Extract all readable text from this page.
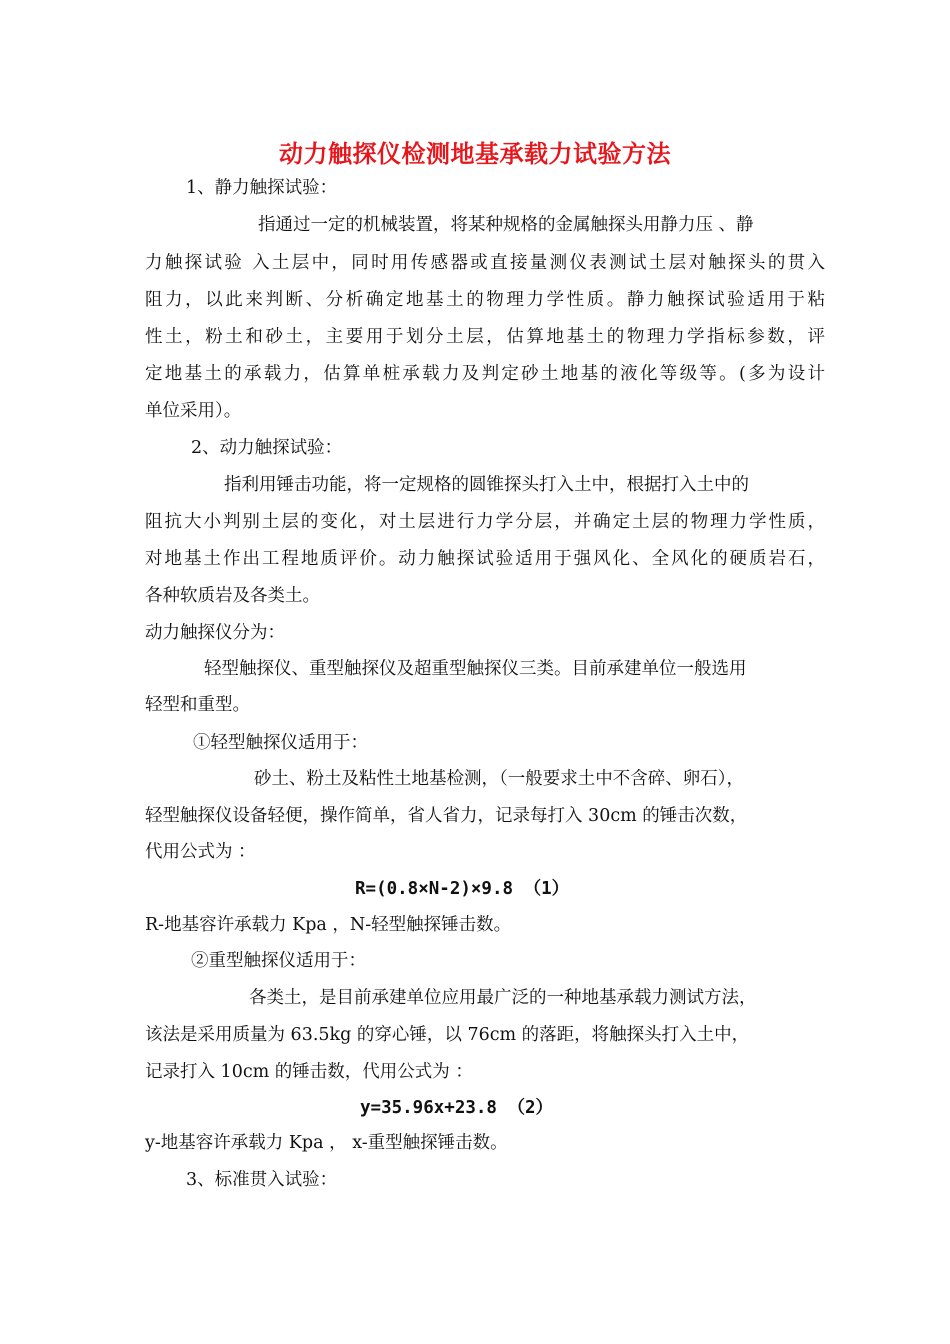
动力触探仪检测地基承载力试验方法
1、静力触探试验：
指通过一定的机械装置，将某种规格的金属触探头用静力压 、静
力触探试验 入土层中，同时用传感器或直接量测仪表测试土层对触探头的贯入
阻力，以此来判断、分析确定地基土的物理力学性质。静力触探试验适用于粘
性土，粉土和砂土，主要用于划分土层，估算地基土的物理力学指标参数，评
定地基土的承载力，估算单桩承载力及判定砂土地基的液化等级等。(多为设计
单位采用）。
2、动力触探试验：
指利用锤击功能，将一定规格的圆锥探头打入土中，根据打入土中的
阻抗大小判别土层的变化，对土层进行力学分层，并确定土层的物理力学性质，
对地基土作出工程地质评价。动力触探试验适用于强风化、全风化的硬质岩石，
各种软质岩及各类土。
动力触探仪分为：
轻型触探仪、重型触探仪及超重型触探仪三类。目前承建单位一般选用
轻型和重型。
①轻型触探仪适用于：
砂土、粉土及粘性土地基检测，（一般要求土中不含碎、卵石），
轻型触探仪设备轻便，操作简单，省人省力，记录每打入 30cm 的锤击次数，
代用公式为 ：
R=(0.8×N-2)×9.8 （1）
R-地基容许承载力 Kpa ，N-轻型触探锤击数。
②重型触探仪适用于：
各类土，是目前承建单位应用最广泛的一种地基承载力测试方法，
该法是采用质量为 63.5kg 的穿心锤，以 76cm 的落距，将触探头打入土中，
记录打入 10cm 的锤击数，代用公式为 ：
y=35.96x+23.8 （2）
y-地基容许承载力 Kpa ， x-重型触探锤击数。
3、标准贯入试验：
